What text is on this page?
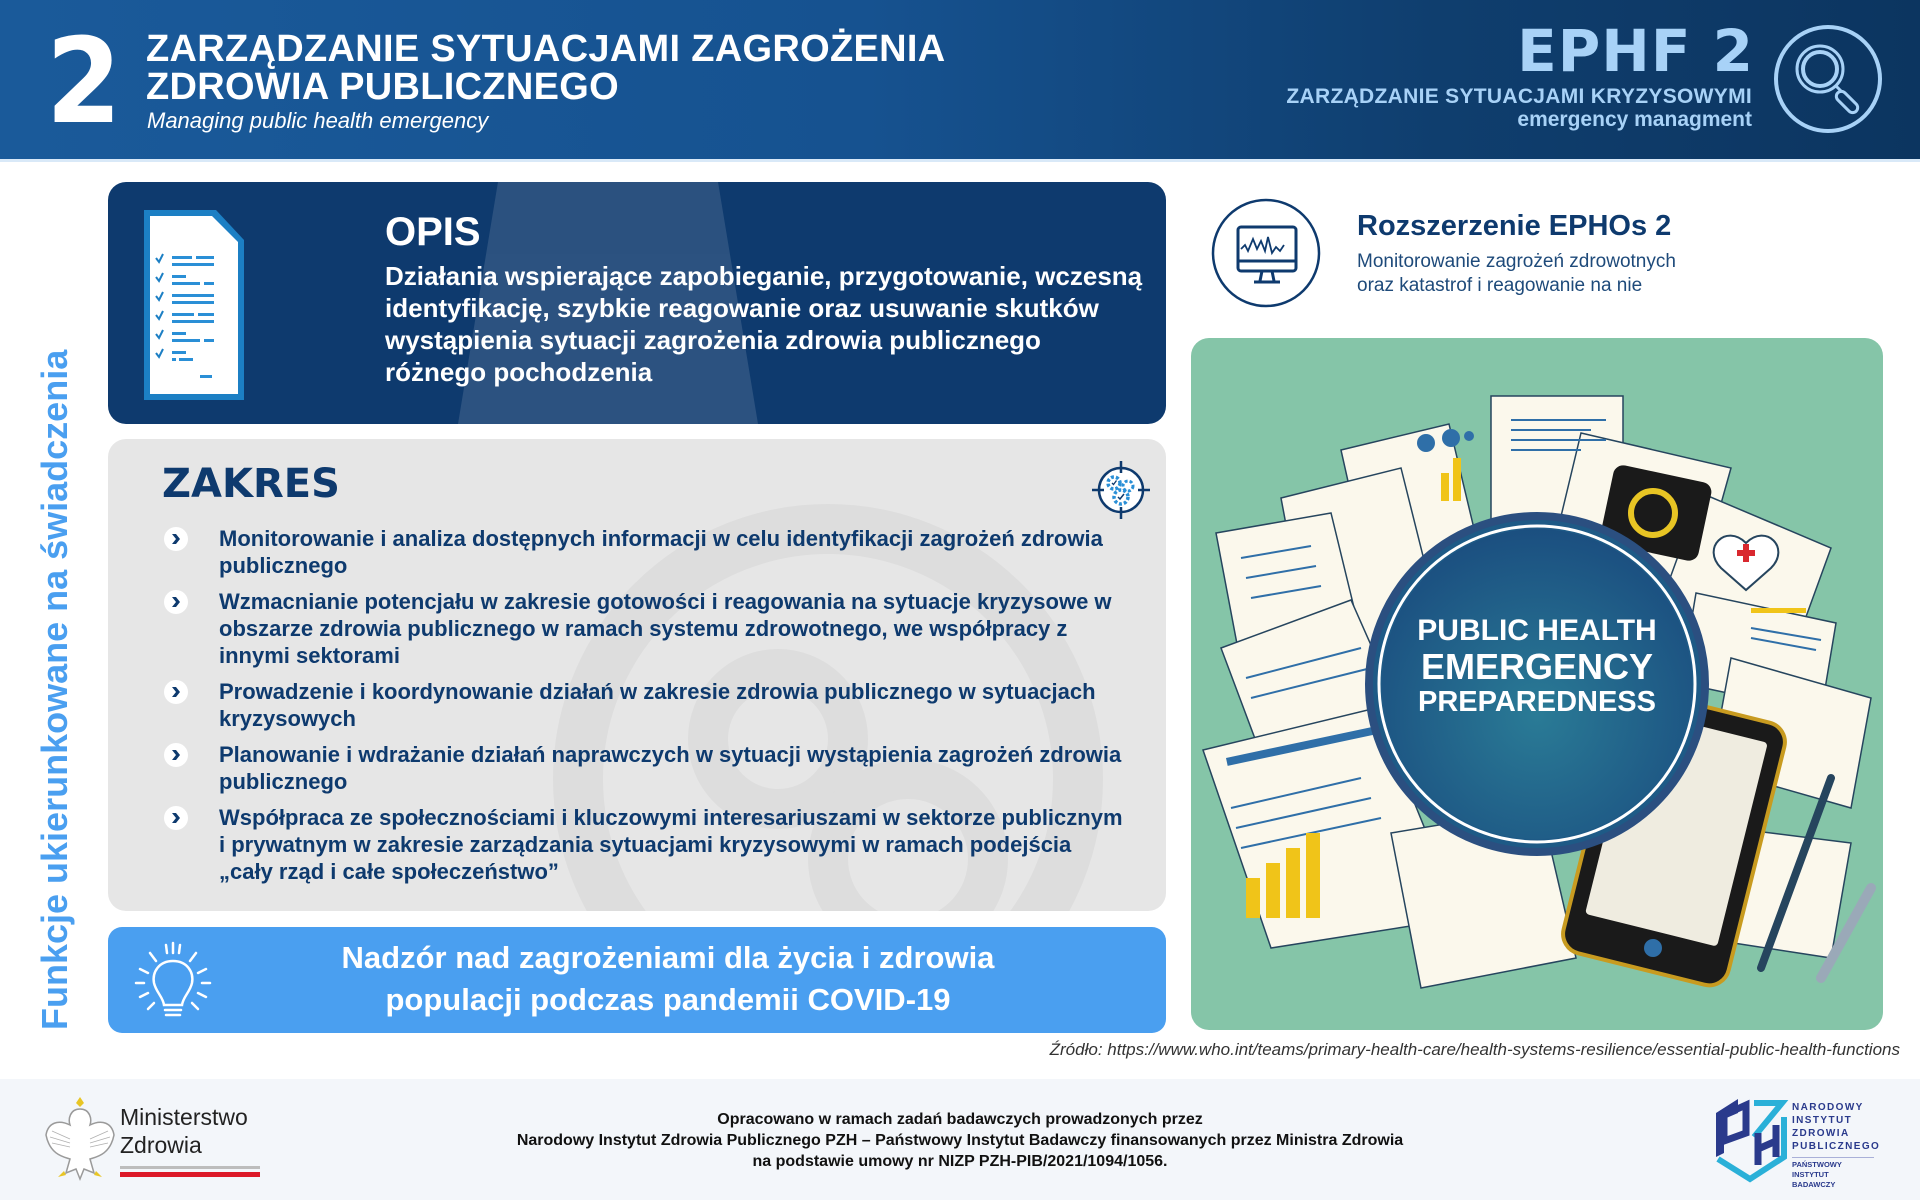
2 ZARZĄDZANIE SYTUACJAMI ZAGROŻENIA
ZDROWIA PUBLICZNEGO
Managing public health emergency
EPHF 2
ZARZĄDZANIE SYTUACJAMI KRYZYSOWYMI
emergency managment
Funkcje ukierunkowane na świadczenia
OPIS
Działania wspierające zapobieganie, przygotowanie, wczesną identyfikację, szybkie reagowanie oraz usuwanie skutków wystąpienia sytuacji zagrożenia zdrowia publicznego różnego pochodzenia
Rozszerzenie EPHOs 2
Monitorowanie zagrożeń zdrowotnych
oraz katastrof i reagowanie na nie
ZAKRES
Monitorowanie i analiza dostępnych informacji w celu identyfikacji zagrożeń zdrowia publicznego
Wzmacnianie potencjału w zakresie gotowości i reagowania na sytuacje kryzysowe w obszarze zdrowia publicznego w ramach systemu zdrowotnego, we współpracy z innymi sektorami
Prowadzenie i koordynowanie działań w zakresie zdrowia publicznego w sytuacjach kryzysowych
Planowanie i wdrażanie działań naprawczych w sytuacji wystąpienia zagrożeń zdrowia publicznego
Współpraca ze społecznościami i kluczowymi interesariuszami w sektorze publicznym i prywatnym w zakresie zarządzania sytuacjami kryzysowymi w ramach podejścia „cały rząd i całe społeczeństwo”
Nadzór nad zagrożeniami dla życia i zdrowia
populacji podczas pandemii COVID-19
PUBLIC HEALTH
EMERGENCY
PREPAREDNESS
Źródło: https://www.who.int/teams/primary-health-care/health-systems-resilience/essential-public-health-functions
Ministerstwo
Zdrowia
Opracowano w ramach zadań badawczych prowadzonych przez
Narodowy Instytut Zdrowia Publicznego PZH – Państwowy Instytut Badawczy finansowanych przez Ministra Zdrowia
na podstawie umowy nr NIZP PZH-PIB/2021/1094/1056.
NARODOWY
INSTYTUT
ZDROWIA
PUBLICZNEGO
PAŃSTWOWY INSTYTUT
BADAWCZY
